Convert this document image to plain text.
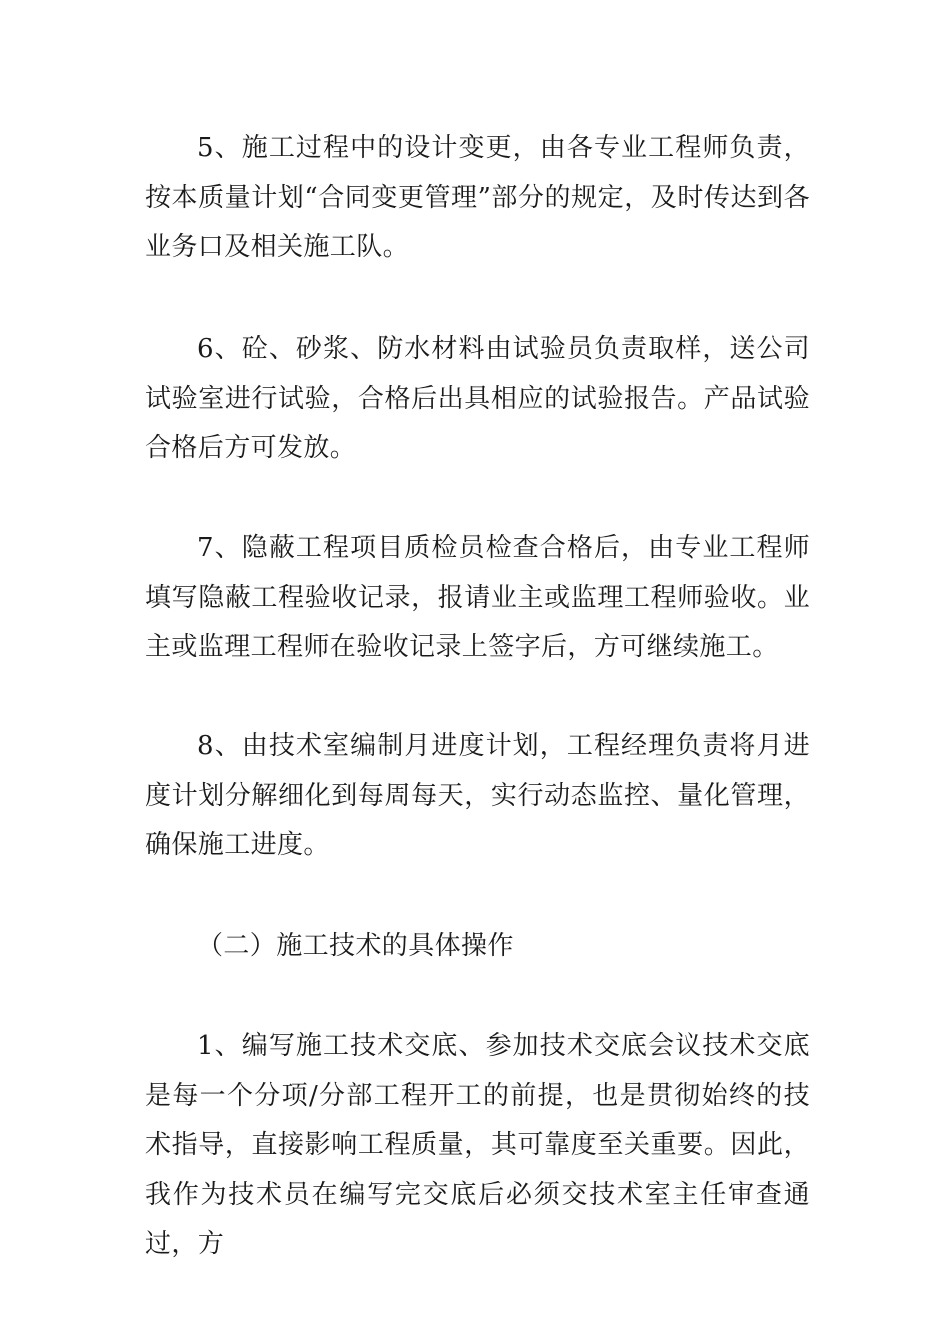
5、施工过程中的设计变更，由各专业工程师负责，按本质量计划“合同变更管理”部分的规定，及时传达到各业务口及相关施工队。

6、砼、砂浆、防水材料由试验员负责取样，送公司试验室进行试验，合格后出具相应的试验报告。产品试验合格后方可发放。

7、隐蔽工程项目质检员检查合格后，由专业工程师填写隐蔽工程验收记录，报请业主或监理工程师验收。业主或监理工程师在验收记录上签字后，方可继续施工。

8、由技术室编制月进度计划，工程经理负责将月进度计划分解细化到每周每天，实行动态监控、量化管理，确保施工进度。

（二）施工技术的具体操作

1、编写施工技术交底、参加技术交底会议技术交底是每一个分项/分部工程开工的前提，也是贯彻始终的技术指导，直接影响工程质量，其可靠度至关重要。因此，我作为技术员在编写完交底后必须交技术室主任审查通过，方
